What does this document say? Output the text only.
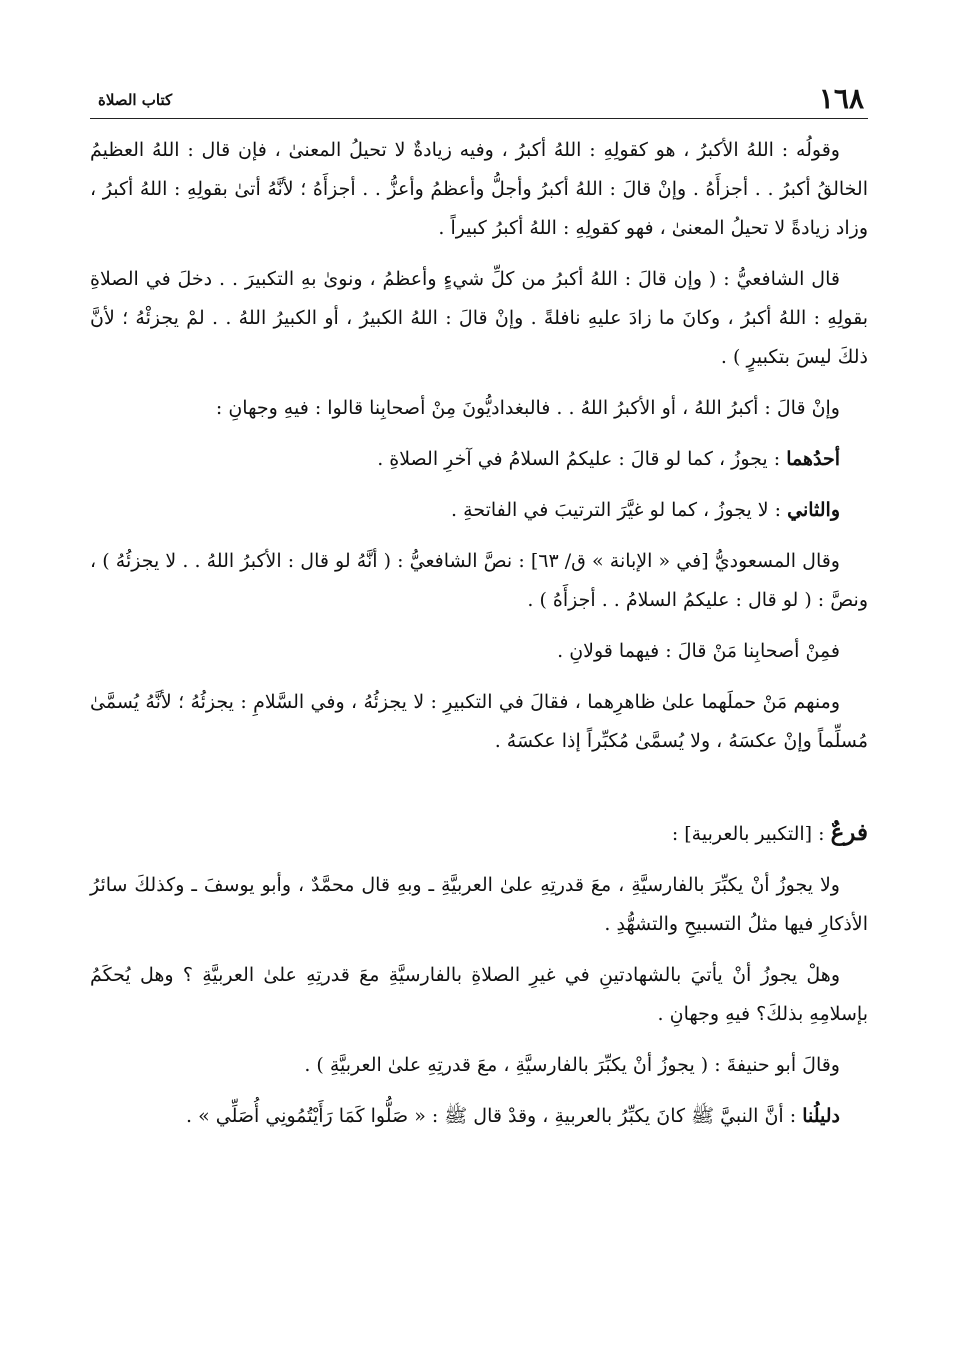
١٦٨
كتاب الصلاة

وقولُه : اللهُ الأكبرُ ، هو كقولِهِ : اللهُ أكبرُ ، وفيه زيادةٌ لا تحيلُ المعنىٰ ، فإن قال : اللهُ العظيمُ الخالقُ أكبرُ . . أجزأَهُ . وإنْ قالَ : اللهُ أكبرُ وأجلُّ وأعظمُ وأعزُّ . . أجزأَهُ ؛ لأنَّهُ أتىٰ بقولِهِ : اللهُ أكبرُ ، وزاد زيادةً لا تحيلُ المعنىٰ ، فهو كقولِهِ : اللهُ أكبرُ كبيراً .

قال الشافعيُّ : ( وإن قالَ : اللهُ أكبرُ من كلِّ شيءٍ وأعظمُ ، ونوىٰ بهِ التكبيرَ . . دخلَ في الصلاةِ بقولِهِ : اللهُ أكبرُ ، وكانَ ما زادَ عليهِ نافلةً . وإنْ قالَ : اللهُ الكبيرُ ، أو الكبيرُ اللهُ . . لمْ يجزئْهُ ؛ لأنَّ ذلكَ ليسَ بتكبيرٍ ) .

وإنْ قالَ : أكبرُ اللهُ ، أو الأكبرُ اللهُ . . فالبغداديُّونَ مِنْ أصحابِنا قالوا : فيهِ وجهانِ :

أحدُهما : يجوزُ ، كما لو قالَ : عليكمُ السلامُ في آخرِ الصلاةِ .

والثاني : لا يجوزُ ، كما لو غيَّرَ الترتيبَ في الفاتحةِ .

وقال المسعوديُّ [في « الإبانة » ق/ ٦٣] : نصَّ الشافعيُّ : ( أنَّهُ لو قال : الأكبرُ اللهُ . . لا يجزئُهُ ) ، ونصَّ : ( لو قال : عليكمُ السلامُ . . أجزأَهُ ) .

فمِنْ أصحابِنا مَنْ قالَ : فيهما قولانِ .

ومنهم مَنْ حملَهما علىٰ ظاهرِهما ، فقالَ في التكبيرِ : لا يجزئُهُ ، وفي السَّلامِ : يجزئُهُ ؛ لأنَّهُ يُسمَّىٰ مُسلِّماً وإنْ عكسَهُ ، ولا يُسمَّىٰ مُكبِّراً إذا عكسَهُ .

فرعٌ : [التكبير بالعربية] :

ولا يجوزُ أنْ يكبِّرَ بالفارسيَّةِ ، معَ قدرتِهِ علىٰ العربيَّةِ ـ وبهِ قال محمَّدٌ ، وأبو يوسفَ ـ وكذلكَ سائرُ الأذكارِ فيها مثلُ التسبيحِ والتشهُّدِ .

وهلْ يجوزُ أنْ يأتيَ بالشهادتينِ في غيرِ الصلاةِ بالفارسيَّةِ معَ قدرتِهِ علىٰ العربيَّةِ ؟ وهل يُحكَمُ بإسلامِهِ بذلكَ؟ فيهِ وجهانِ .

وقالَ أبو حنيفةَ : ( يجوزُ أنْ يكبِّرَ بالفارسيَّةِ ، معَ قدرتِهِ علىٰ العربيَّةِ ) .

دليلُنا : أنَّ النبيَّ ﷺ كانَ يكبِّرُ بالعربيةِ ، وقدْ قال ﷺ : « صَلُّوا كَمَا رَأَيْتُمُونِي أُصَلِّي » .
